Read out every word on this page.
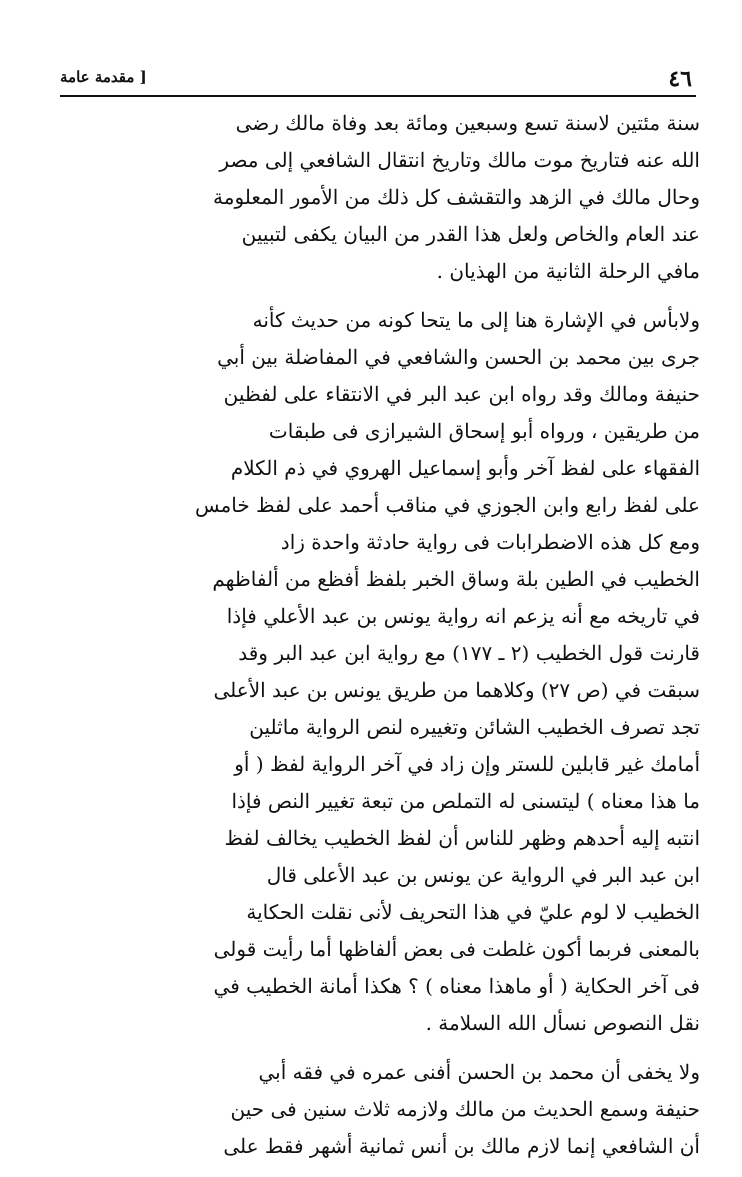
٤٦
[ مقدمة عامة
سنة مئتين لاسنة تسع وسبعين ومائة بعد وفاة مالك رضى
الله عنه فتاريخ موت مالك وتاريخ انتقال الشافعي إلى مصر
وحال مالك في الزهد والتقشف كل ذلك من الأمور المعلومة
عند العام والخاص ولعل هذا القدر من البيان يكفى لتبيين
مافي الرحلة الثانية من الهذيان .
ولابأس في الإشارة هنا إلى ما يتحا كونه من حديث كأنه
جرى بين محمد بن الحسن والشافعي في المفاضلة بين أبي
حنيفة ومالك وقد رواه ابن عبد البر في الانتقاء على لفظين
من طريقين ، ورواه أبو إسحاق الشيرازى فى طبقات
الفقهاء على لفظ آخر وأبو إسماعيل الهروي في ذم الكلام
على لفظ رابع وابن الجوزي في مناقب أحمد على لفظ خامس
ومع كل هذه الاضطرابات فى رواية حادثة واحدة زاد
الخطيب في الطين بلة وساق الخبر بلفظ أفظع من ألفاظهم
في تاريخه مع أنه يزعم انه رواية يونس بن عبد الأعلي فإذا
قارنت قول الخطيب (٢ ـ ١٧٧) مع رواية ابن عبد البر وقد
سبقت في (ص ٢٧) وكلاهما من طريق يونس بن عبد الأعلى
تجد تصرف الخطيب الشائن وتغييره لنص الرواية ماثلين
أمامك غير قابلين للستر وإن زاد في آخر الرواية لفظ ( أو
ما هذا معناه ) ليتسنى له التملص من تبعة تغيير النص فإذا
انتبه إليه أحدهم وظهر للناس أن لفظ الخطيب يخالف لفظ
ابن عبد البر في الرواية عن يونس بن عبد الأعلى قال
الخطيب لا لوم عليّ في هذا التحريف لأنى نقلت الحكاية
بالمعنى فربما أكون غلطت فى بعض ألفاظها أما رأيت قولى
فى آخر الحكاية ( أو ماهذا معناه ) ؟ هكذا أمانة الخطيب في
نقل النصوص نسأل الله السلامة .
ولا يخفى أن محمد بن الحسن أفنى عمره في فقه أبي
حنيفة وسمع الحديث من مالك ولازمه ثلاث سنين فى حين
أن الشافعي إنما لازم مالك بن أنس ثمانية أشهر فقط على
